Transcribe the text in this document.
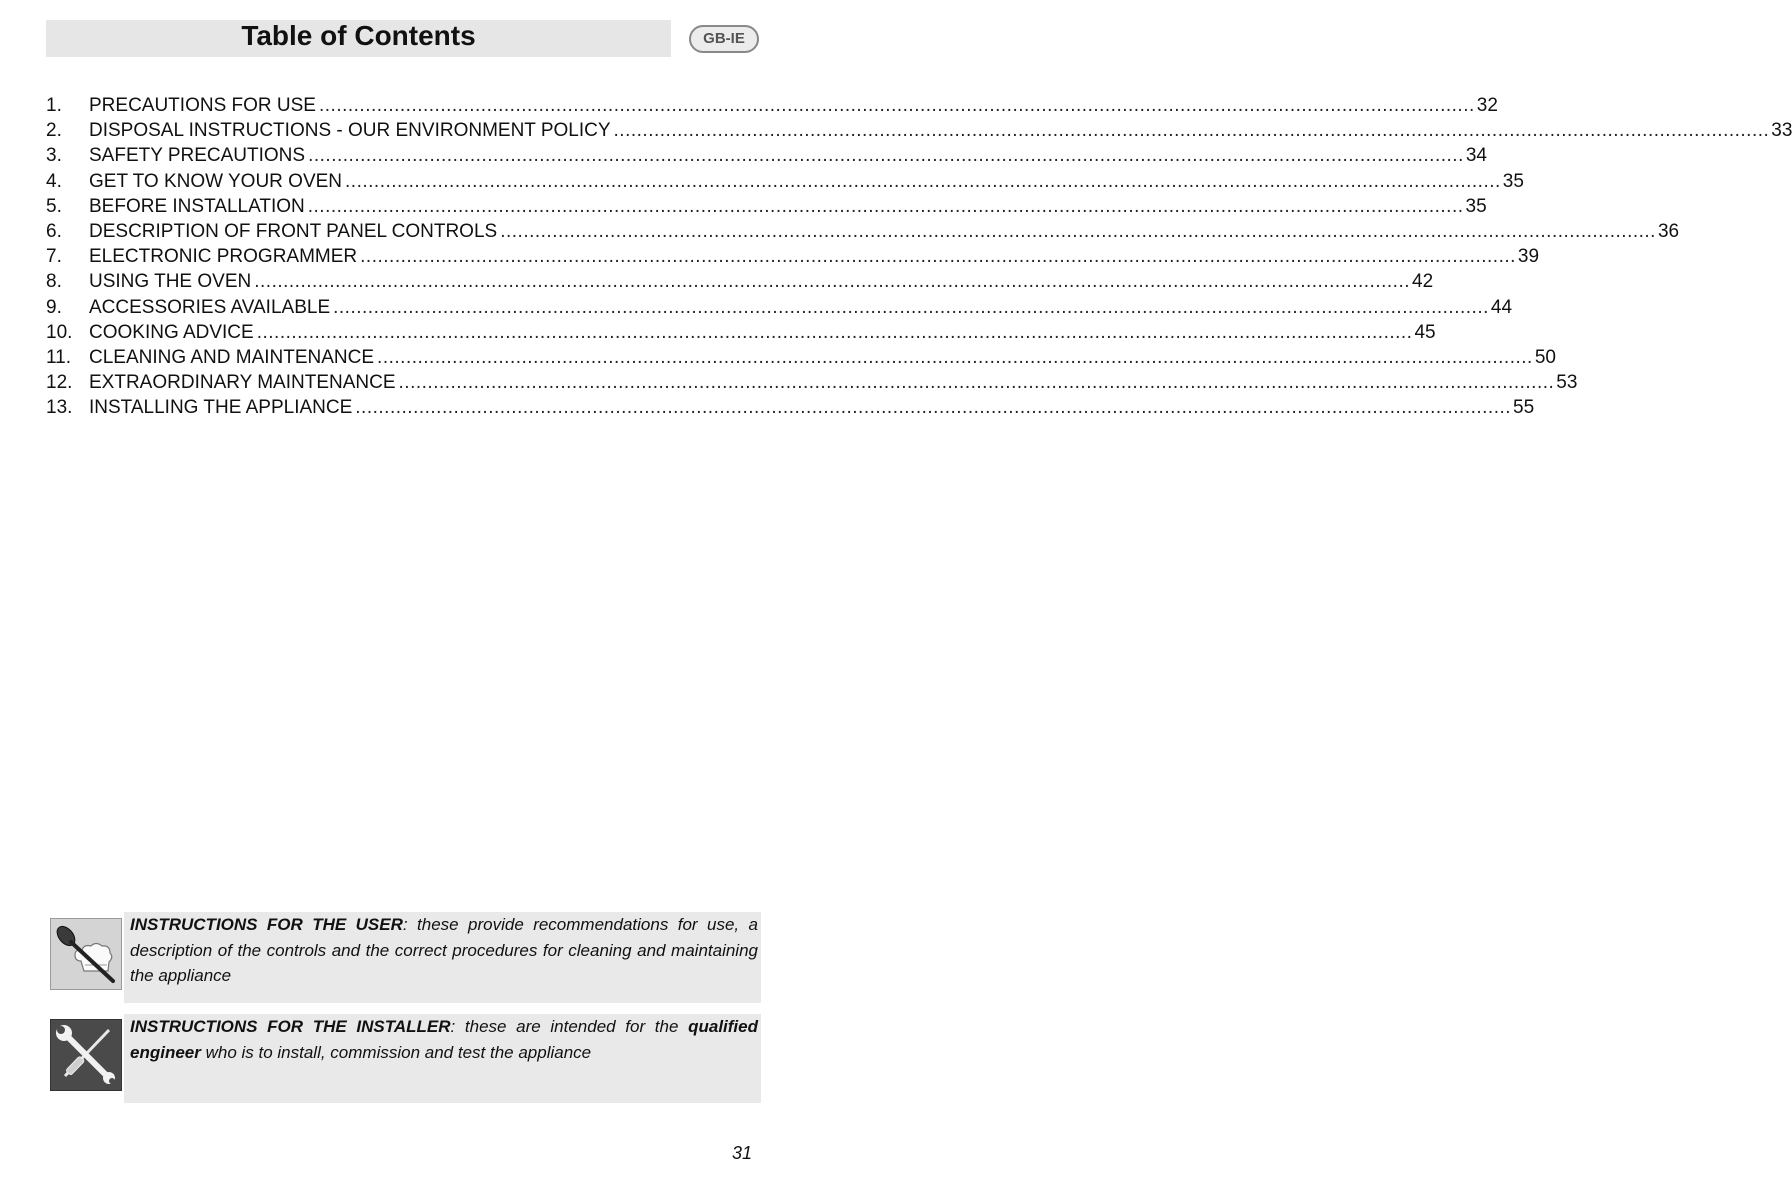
Table of Contents	GB-IE
1.	PRECAUTIONS FOR USE ........................................................................................................................................................................................................ 32
2.	DISPOSAL INSTRUCTIONS - OUR ENVIRONMENT POLICY ........................................................................................................................................................................................................ 33
3.	SAFETY PRECAUTIONS ........................................................................................................................................................................................................ 34
4.	GET TO KNOW YOUR OVEN ........................................................................................................................................................................................................ 35
5.	BEFORE INSTALLATION ........................................................................................................................................................................................................ 35
6.	DESCRIPTION OF FRONT PANEL CONTROLS ........................................................................................................................................................................................................ 36
7.	ELECTRONIC PROGRAMMER ........................................................................................................................................................................................................ 39
8.	USING THE OVEN ........................................................................................................................................................................................................ 42
9.	ACCESSORIES AVAILABLE ........................................................................................................................................................................................................ 44
10. COOKING ADVICE ........................................................................................................................................................................................................ 45
11. CLEANING AND MAINTENANCE ........................................................................................................................................................................................................ 50
12. EXTRAORDINARY MAINTENANCE ........................................................................................................................................................................................................ 53
13. INSTALLING THE APPLIANCE ........................................................................................................................................................................................................ 55
INSTRUCTIONS FOR THE USER: these provide recommendations for use, a description of the controls and the correct procedures for cleaning and maintaining the appliance
INSTRUCTIONS FOR THE INSTALLER: these are intended for the qualified engineer who is to install, commission and test the appliance
31
